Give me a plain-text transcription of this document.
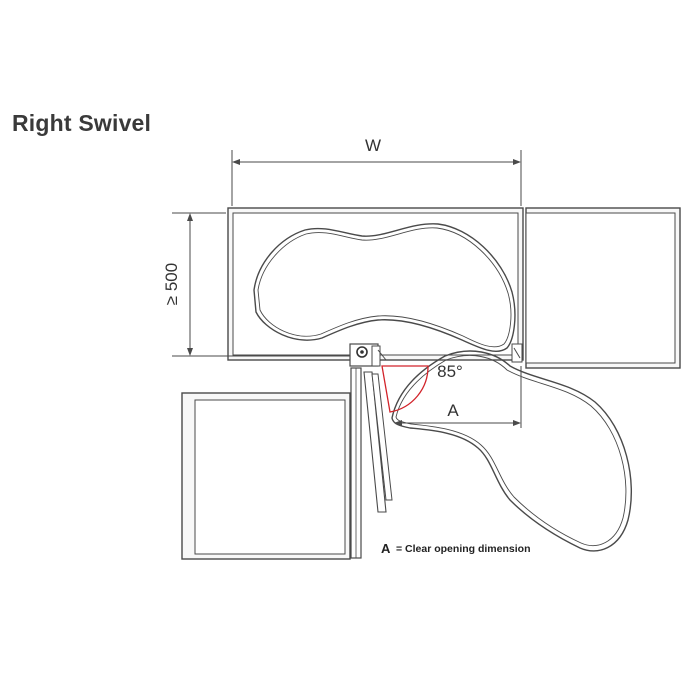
Right Swivel
W
≥ 500
85°
A
A = Clear opening dimension
